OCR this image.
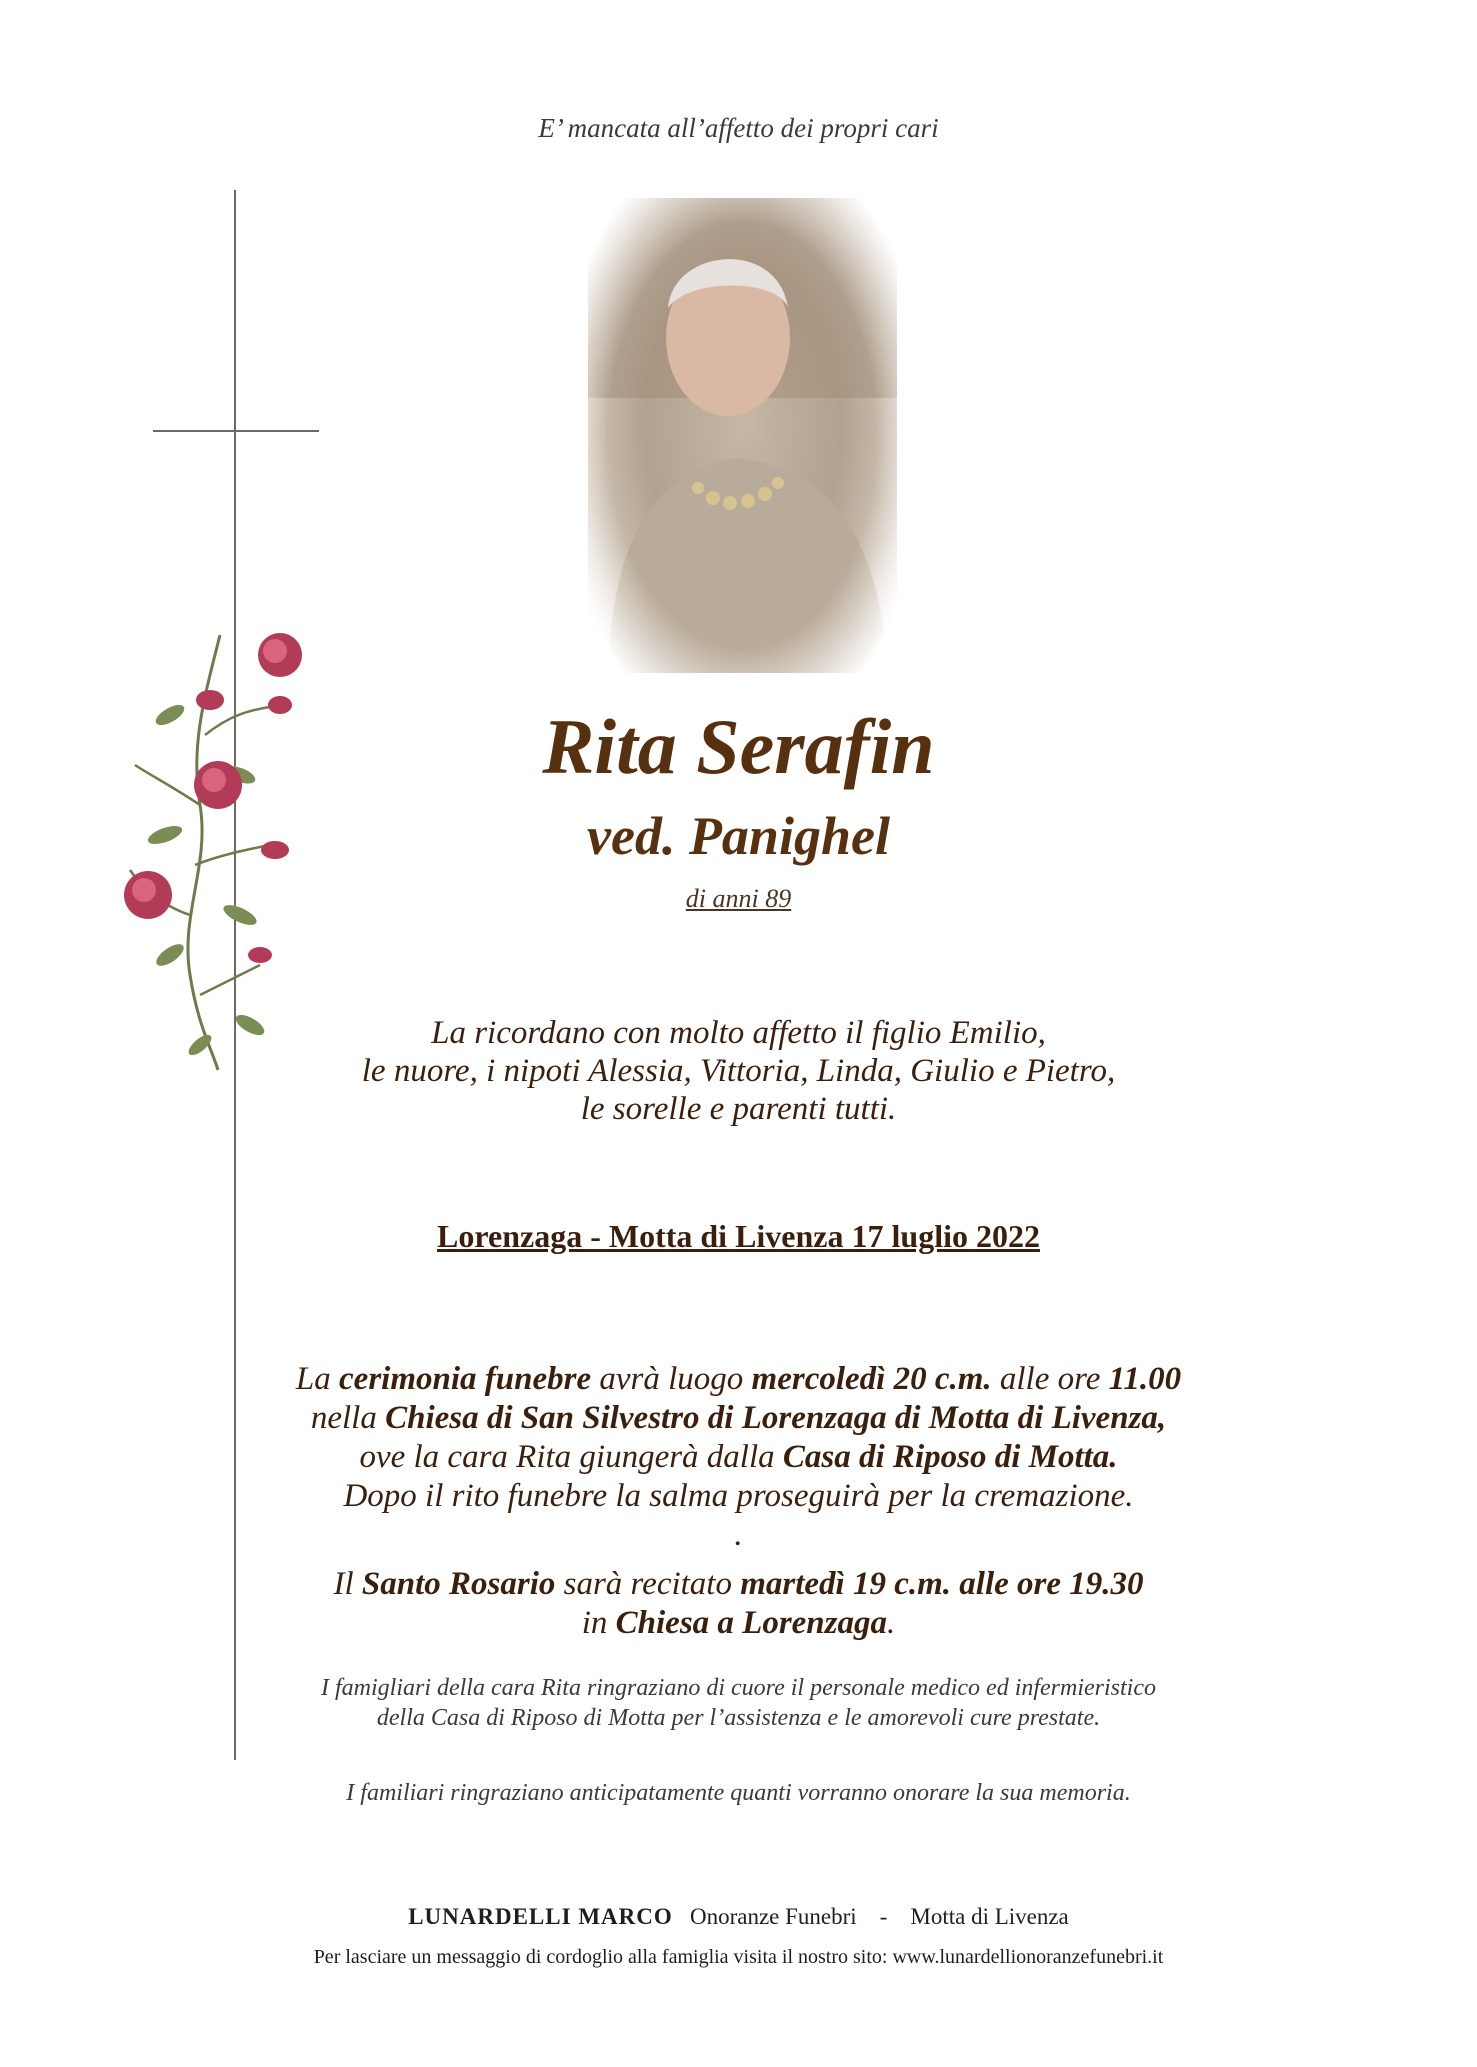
E’ mancata all’affetto dei propri cari
Rita Serafin
ved. Panighel
di anni 89
La ricordano con molto affetto il figlio Emilio,
le nuore, i nipoti Alessia, Vittoria, Linda, Giulio e Pietro,
le sorelle e parenti tutti.
Lorenzaga - Motta di Livenza 17 luglio 2022
La cerimonia funebre avrà luogo mercoledì 20 c.m. alle ore 11.00
nella Chiesa di San Silvestro di Lorenzaga di Motta di Livenza,
ove la cara Rita giungerà dalla Casa di Riposo di Motta.
Dopo il rito funebre la salma proseguirà per la cremazione.
.
Il Santo Rosario sarà recitato martedì 19 c.m. alle ore 19.30
in Chiesa a Lorenzaga.
I famigliari della cara Rita ringraziano di cuore il personale medico ed infermieristico
della Casa di Riposo di Motta per l’assistenza e le amorevoli cure prestate.
I familiari ringraziano anticipatamente quanti vorranno onorare la sua memoria.
LUNARDELLI MARCO Onoranze Funebri - Motta di Livenza
Per lasciare un messaggio di cordoglio alla famiglia visita il nostro sito: www.lunardellionoranzefunebri.it
